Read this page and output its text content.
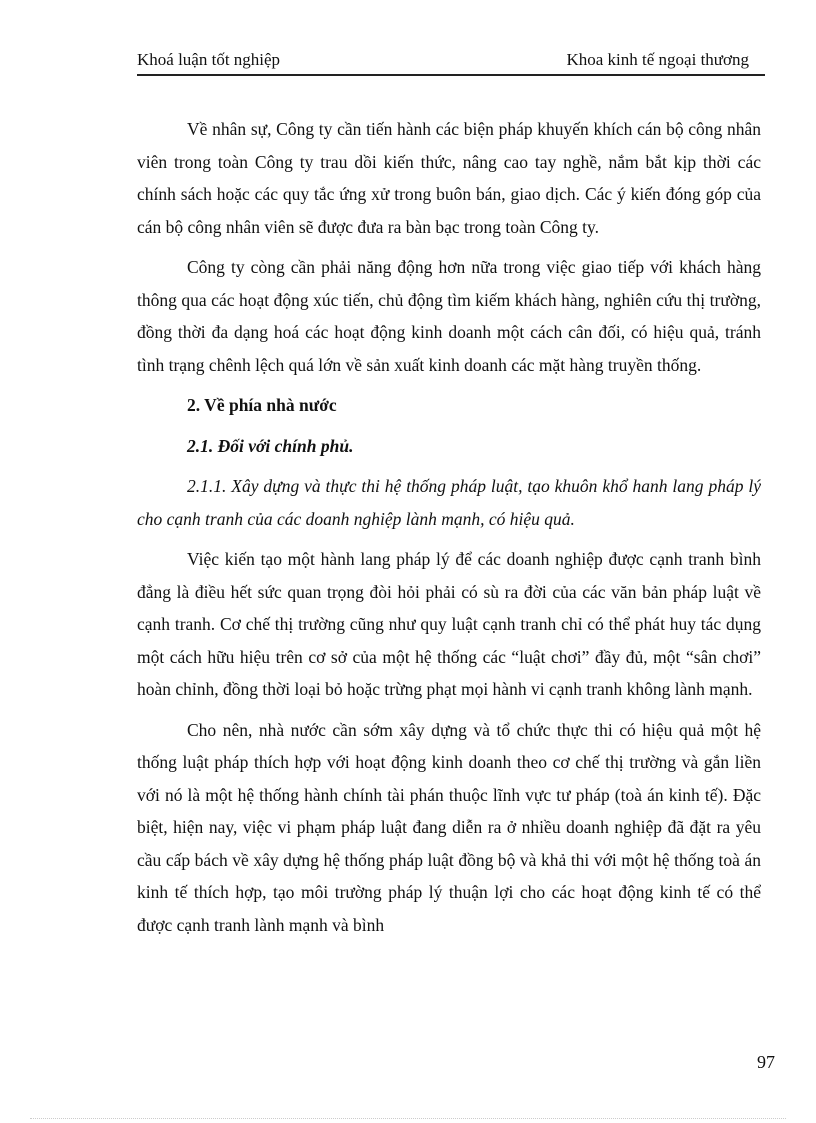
Khoá luận tốt nghiệp	Khoa kinh tế ngoại thương

Về nhân sự, Công ty cần tiến hành các biện pháp khuyến khích cán bộ công nhân viên trong toàn Công ty trau dồi kiến thức, nâng cao tay nghề, nắm bắt kịp thời các chính sách hoặc các quy tắc ứng xử trong buôn bán, giao dịch. Các ý kiến đóng góp của cán bộ công nhân viên sẽ được đưa ra bàn bạc trong toàn Công ty.

Công ty còng cần phải năng động hơn nữa trong việc giao tiếp với khách hàng thông qua các hoạt động xúc tiến, chủ động tìm kiếm khách hàng, nghiên cứu thị trường, đồng thời đa dạng hoá các hoạt động kinh doanh một cách cân đối, có hiệu quả, tránh tình trạng chênh lệch quá lớn về sản xuất kinh doanh các mặt hàng truyền thống.

2. Về phía nhà nước

2.1. Đối với chính phủ.

2.1.1. Xây dựng và thực thi hệ thống pháp luật, tạo khuôn khổ hanh lang pháp lý cho cạnh tranh của các doanh nghiệp lành mạnh, có hiệu quả.

Việc kiến tạo một hành lang pháp lý để các doanh nghiệp được cạnh tranh bình đẳng là điều hết sức quan trọng đòi hỏi phải có sù ra đời của các văn bản pháp luật về cạnh tranh. Cơ chế thị trường cũng như quy luật cạnh tranh chỉ có thể phát huy tác dụng một cách hữu hiệu trên cơ sở của một hệ thống các “luật chơi” đầy đủ, một “sân chơi” hoàn chỉnh, đồng thời loại bỏ hoặc trừng phạt mọi hành vi cạnh tranh không lành mạnh.

Cho nên, nhà nước cần sớm xây dựng và tổ chức thực thi có hiệu quả một hệ thống luật pháp thích hợp với hoạt động kinh doanh theo cơ chế thị trường và gắn liền với nó là một hệ thống hành chính tài phán thuộc lĩnh vực tư pháp (toà án kinh tế). Đặc biệt, hiện nay, việc vi phạm pháp luật đang diễn ra ở nhiều doanh nghiệp đã đặt ra yêu cầu cấp bách về xây dựng hệ thống pháp luật đồng bộ và khả thi với một hệ thống toà án kinh tế thích hợp, tạo môi trường pháp lý thuận lợi cho các hoạt động kinh tế có thể được cạnh tranh lành mạnh và bình

97
